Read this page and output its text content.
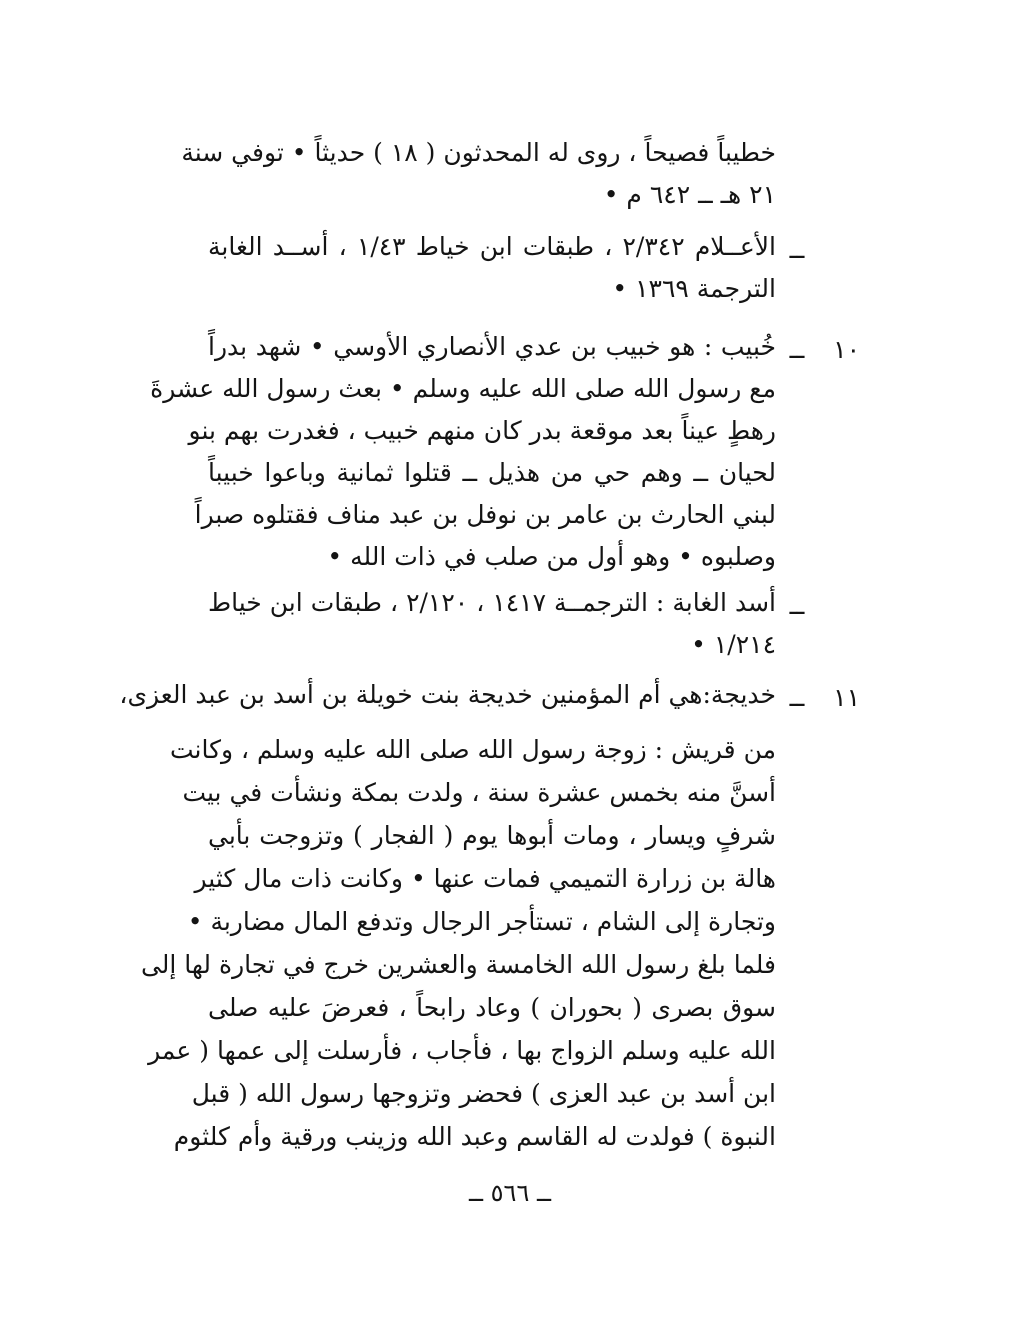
خطيباً فصيحاً ، روى له المحدثون ( ١٨ ) حديثاً • توفي سنة
٢١ هـ ــ ٦٤٢ م •
ــ
الأعــلام ٢/٣٤٢ ، طبقات ابن خياط ١/٤٣ ، أســد الغابة
الترجمة ١٣٦٩ •
١٠
ــ
خُبيب : هو خبيب بن عدي الأنصاري الأوسي • شهد بدراً
مع رسول الله صلى الله عليه وسلم • بعث رسول الله عشرةَ
رهطٍ عيناً بعد موقعة بدر كان منهم خبيب ، فغدرت بهم بنو
لحيان ــ وهم حي من هذيل ــ قتلوا ثمانية وباعوا خبيباً
لبني الحارث بن عامر بن نوفل بن عبد مناف فقتلوه صبراً
وصلبوه • وهو أول من صلب في ذات الله •
ــ
أسد الغابة : الترجمــة ١٤١٧ ، ٢/١٢٠ ، طبقات ابن خياط
١/٢١٤ •
١١
ــ
خديجة:هي أم المؤمنين خديجة بنت خويلة بن أسد بن عبد العزى،
من قريش : زوجة رسول الله صلى الله عليه وسلم ، وكانت
أسنَّ منه بخمس عشرة سنة ، ولدت بمكة ونشأت في بيت
شرفٍ ويسار ، ومات أبوها يوم ( الفجار ) وتزوجت بأبي
هالة بن زرارة التميمي فمات عنها • وكانت ذات مال كثير
وتجارة إلى الشام ، تستأجر الرجال وتدفع المال مضاربة •
فلما بلغ رسول الله الخامسة والعشرين خرج في تجارة لها إلى
سوق بصرى ( بحوران ) وعاد رابحاً ، فعرضَ عليه صلى
الله عليه وسلم الزواج بها ، فأجاب ، فأرسلت إلى عمها ( عمر
ابن أسد بن عبد العزى ) فحضر وتزوجها رسول الله ( قبل
النبوة ) فولدت له القاسم وعبد الله وزينب ورقية وأم كلثوم
ــ ٥٦٦ ــ
